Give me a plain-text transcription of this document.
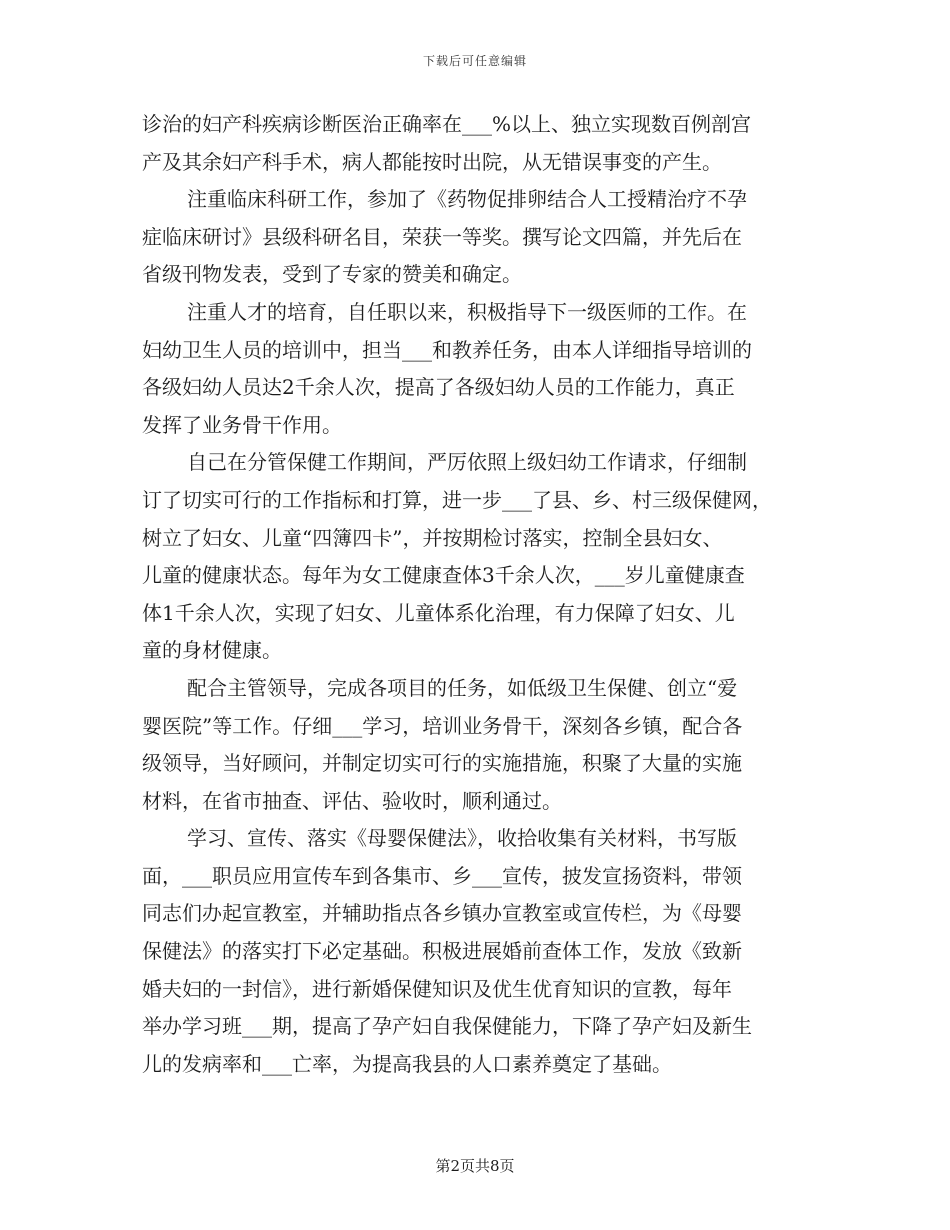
下载后可任意编辑
诊治的妇产科疾病诊断医治正确率在___%以上、独立实现数百例剖宫
产及其余妇产科手术，病人都能按时出院，从无错误事变的产生。
注重临床科研工作，参加了《药物促排卵结合人工授精治疗不孕
症临床研讨》县级科研名目，荣获一等奖。撰写论文四篇，并先后在
省级刊物发表，受到了专家的赞美和确定。
注重人才的培育，自任职以来，积极指导下一级医师的工作。在
妇幼卫生人员的培训中，担当___和教养任务，由本人详细指导培训的
各级妇幼人员达2千余人次，提高了各级妇幼人员的工作能力，真正
发挥了业务骨干作用。
自己在分管保健工作期间，严厉依照上级妇幼工作请求，仔细制
订了切实可行的工作指标和打算，进一步___了县、乡、村三级保健网，
树立了妇女、儿童“四簿四卡”，并按期检讨落实，控制全县妇女、
儿童的健康状态。每年为女工健康查体3千余人次，___岁儿童健康查
体1千余人次，实现了妇女、儿童体系化治理，有力保障了妇女、儿
童的身材健康。
配合主管领导，完成各项目的任务，如低级卫生保健、创立“爱
婴医院”等工作。仔细___学习，培训业务骨干，深刻各乡镇，配合各
级领导，当好顾问，并制定切实可行的实施措施，积聚了大量的实施
材料，在省市抽查、评估、验收时，顺利通过。
学习、宣传、落实《母婴保健法》，收拾收集有关材料，书写版
面，___职员应用宣传车到各集市、乡___宣传，披发宣扬资料，带领
同志们办起宣教室，并辅助指点各乡镇办宣教室或宣传栏，为《母婴
保健法》的落实打下必定基础。积极进展婚前查体工作，发放《致新
婚夫妇的一封信》，进行新婚保健知识及优生优育知识的宣教，每年
举办学习班___期，提高了孕产妇自我保健能力，下降了孕产妇及新生
儿的发病率和___亡率，为提高我县的人口素养奠定了基础。
第2页共8页
